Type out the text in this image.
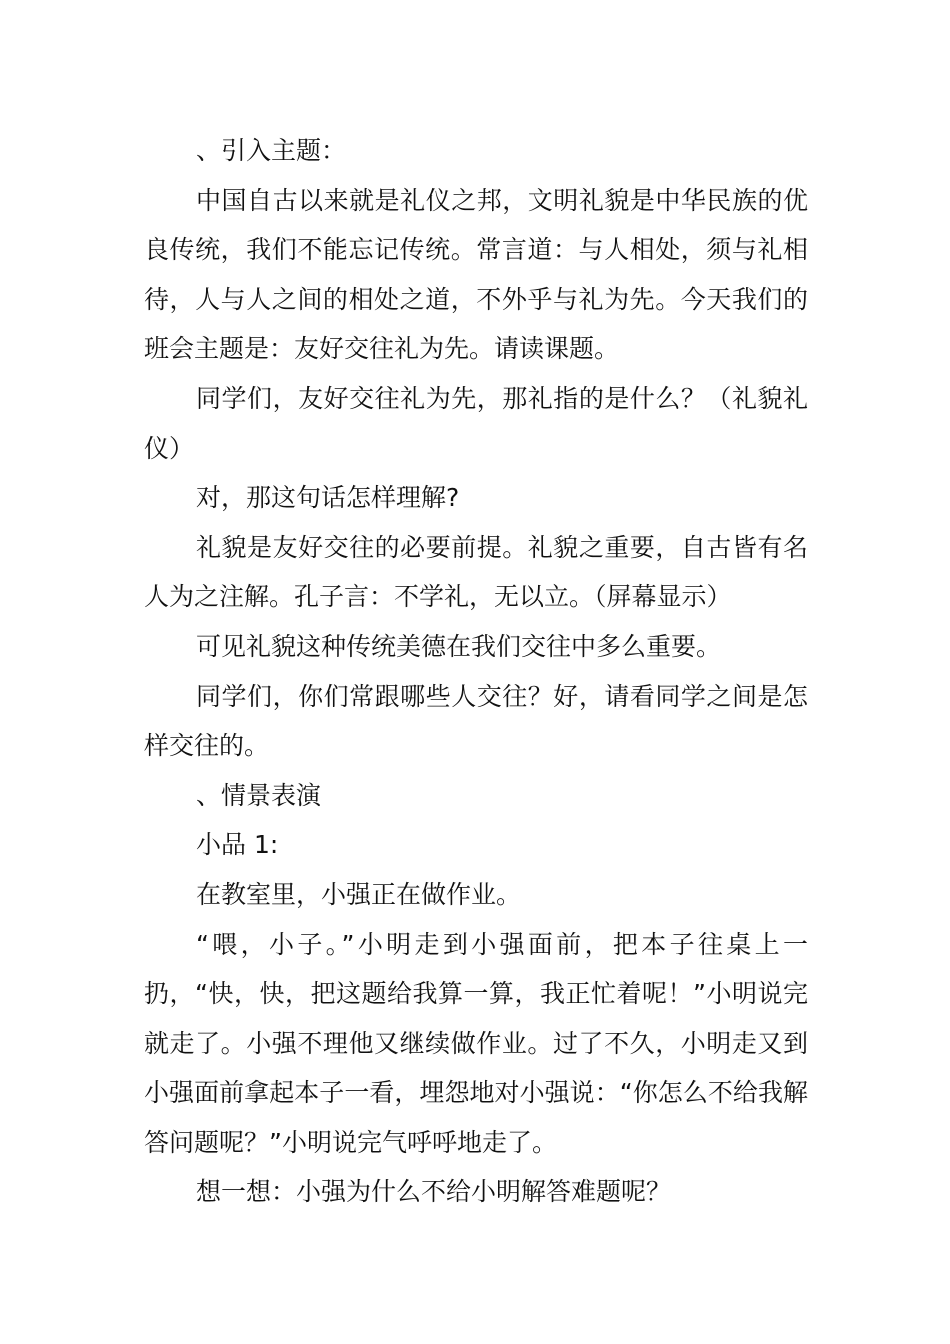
、引入主题：

中国自古以来就是礼仪之邦，文明礼貌是中华民族的优良传统，我们不能忘记传统。常言道：与人相处，须与礼相待，人与人之间的相处之道，不外乎与礼为先。今天我们的班会主题是：友好交往礼为先。请读课题。

同学们，友好交往礼为先，那礼指的是什么？（礼貌礼仪）

对，那这句话怎样理解?

礼貌是友好交往的必要前提。礼貌之重要，自古皆有名人为之注解。孔子言：不学礼，无以立。（屏幕显示）

可见礼貌这种传统美德在我们交往中多么重要。

同学们，你们常跟哪些人交往？好，请看同学之间是怎样交往的。

、情景表演

小品 1:

在教室里，小强正在做作业。

“喂，小子。”小明走到小强面前，把本子往桌上一扔，“快，快，把这题给我算一算，我正忙着呢！”小明说完就走了。小强不理他又继续做作业。过了不久，小明走又到小强面前拿起本子一看，埋怨地对小强说：“你怎么不给我解答问题呢？”小明说完气呼呼地走了。

想一想：小强为什么不给小明解答难题呢？
